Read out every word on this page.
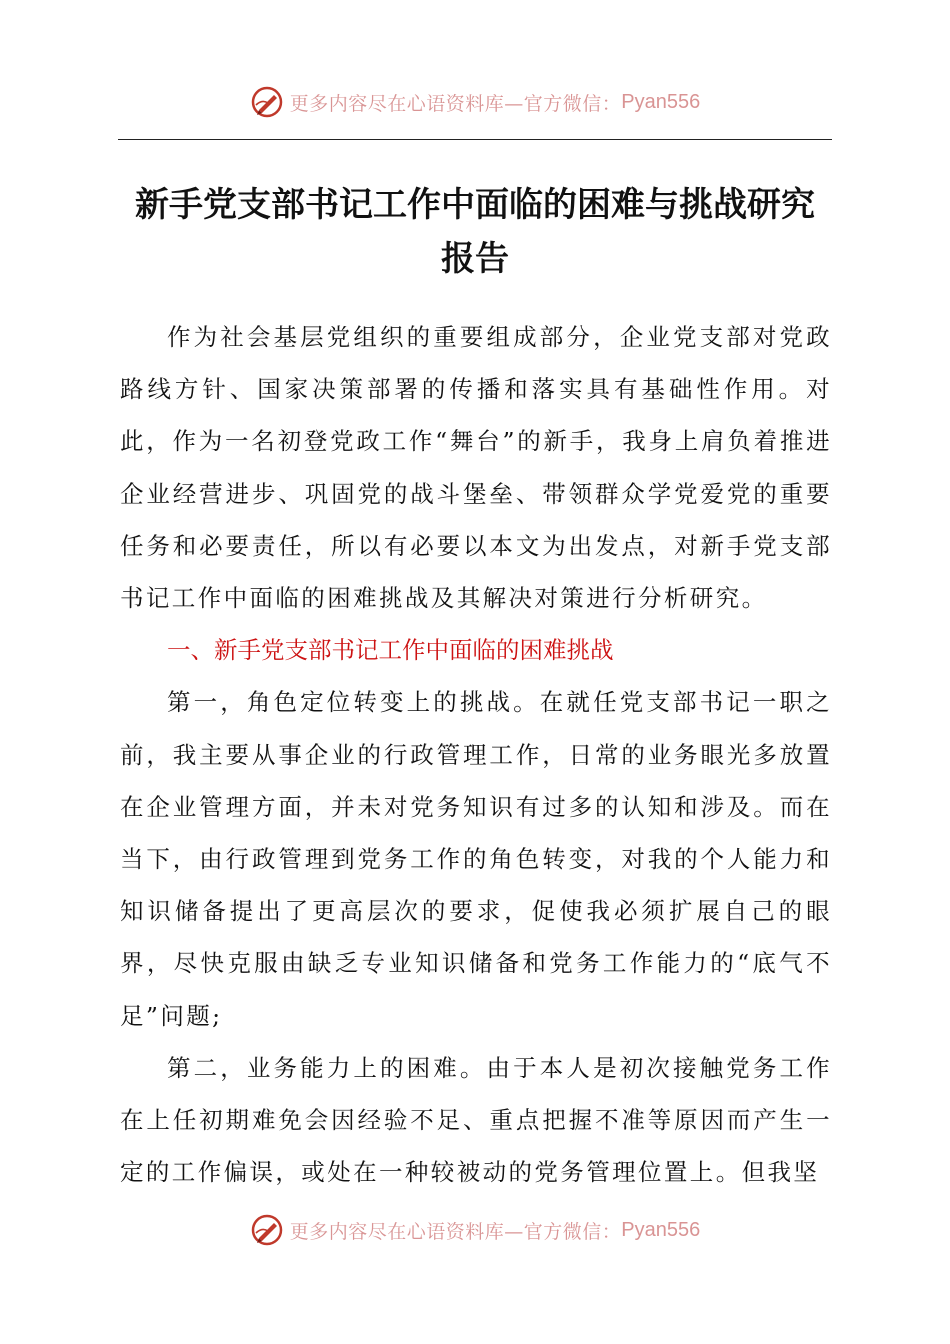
更多内容尽在心语资料库—官方微信： Pyan556
新手党支部书记工作中面临的困难与挑战研究
报告

作为社会基层党组织的重要组成部分，企业党支部对党政路线方针、国家决策部署的传播和落实具有基础性作用。对此，作为一名初登党政工作“舞台”的新手，我身上肩负着推进企业经营进步、巩固党的战斗堡垒、带领群众学党爱党的重要任务和必要责任，所以有必要以本文为出发点，对新手党支部书记工作中面临的困难挑战及其解决对策进行分析研究。

一、新手党支部书记工作中面临的困难挑战

第一，角色定位转变上的挑战。在就任党支部书记一职之前，我主要从事企业的行政管理工作，日常的业务眼光多放置在企业管理方面，并未对党务知识有过多的认知和涉及。而在当下，由行政管理到党务工作的角色转变，对我的个人能力和知识储备提出了更高层次的要求，促使我必须扩展自己的眼界，尽快克服由缺乏专业知识储备和党务工作能力的“底气不足”问题;

第二，业务能力上的困难。由于本人是初次接触党务工作在上任初期难免会因经验不足、重点把握不准等原因而产生一定的工作偏误，或处在一种较被动的党务管理位置上。但我坚

更多内容尽在心语资料库—官方微信： Pyan556
